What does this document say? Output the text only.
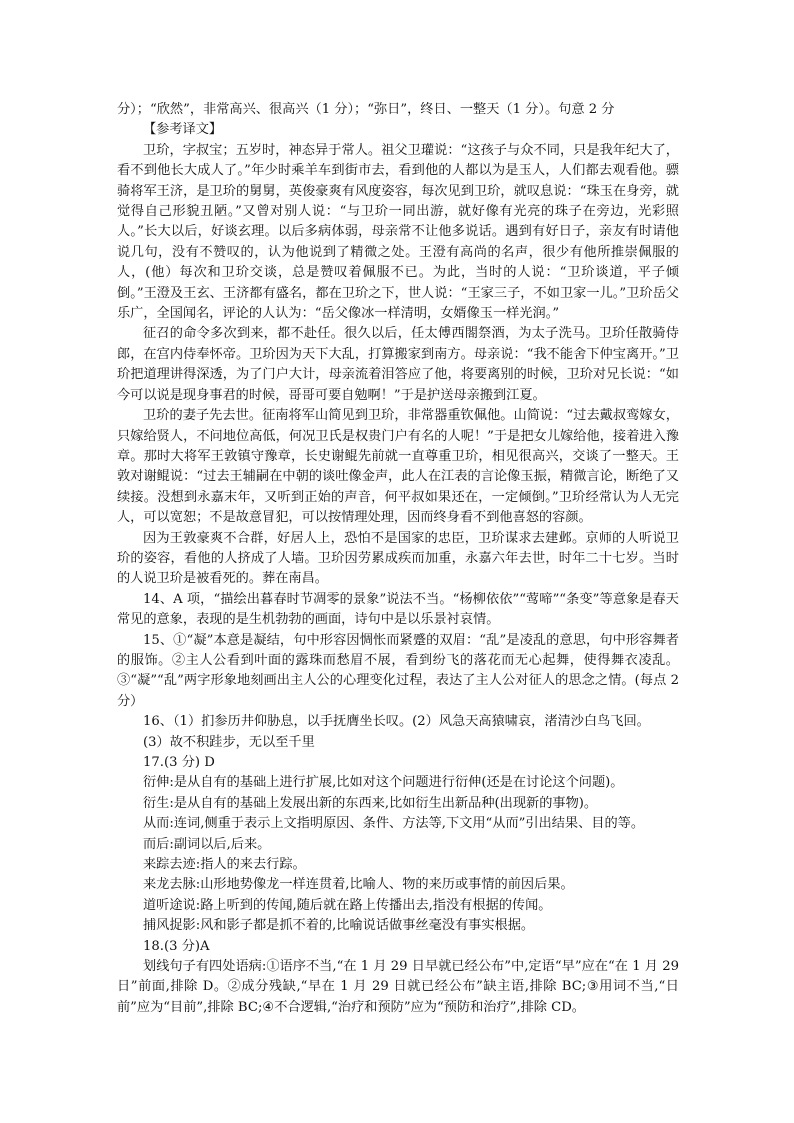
分）；“欣然”，非常高兴、很高兴（1 分）；“弥日”，终日、一整天（1 分）。句意 2 分

【参考译文】

卫玠，字叔宝；五岁时，神态异于常人。祖父卫瓘说：“这孩子与众不同，只是我年纪大了，看不到他长大成人了。”年少时乘羊车到街市去，看到他的人都以为是玉人，人们都去观看他。骠骑将军王济，是卫玠的舅舅，英俊豪爽有风度姿容，每次见到卫玠，就叹息说：“珠玉在身旁，就觉得自己形貌丑陋。”又曾对别人说：“与卫玠一同出游，就好像有光亮的珠子在旁边，光彩照人。”长大以后，好谈玄理。以后多病体弱，母亲常不让他多说话。遇到有好日子，亲友有时请他说几句，没有不赞叹的，认为他说到了精微之处。王澄有高尚的名声，很少有他所推崇佩服的人，(他）每次和卫玠交谈，总是赞叹着佩服不已。为此，当时的人说：“卫玠谈道，平子倾倒。”王澄及王玄、王济都有盛名，都在卫玠之下，世人说：“王家三子，不如卫家一儿。”卫玠岳父乐广，全国闻名，评论的人认为：“岳父像冰一样清明，女婿像玉一样光润。”

征召的命令多次到来，都不赴任。很久以后，任太傅西閤祭酒，为太子洗马。卫玠任散骑侍郎，在宫内侍奉怀帝。卫玠因为天下大乱，打算搬家到南方。母亲说：“我不能舍下仲宝离开。”卫玠把道理讲得深透，为了门户大计，母亲流着泪答应了他，将要离别的时候，卫玠对兄长说：“如今可以说是现身事君的时候，哥哥可要自勉啊！”于是护送母亲搬到江夏。

卫玠的妻子先去世。征南将军山简见到卫玠，非常器重钦佩他。山简说：“过去戴叔鸾嫁女，只嫁给贤人，不问地位高低，何况卫氏是权贵门户有名的人呢！”于是把女儿嫁给他，接着进入豫章。那时大将军王敦镇守豫章，长史谢鲲先前就一直尊重卫玠，相见很高兴，交谈了一整天。王敦对谢鲲说：“过去王辅嗣在中朝的谈吐像金声，此人在江表的言论像玉振，精微言论，断绝了又续接。没想到永嘉末年，又听到正始的声音，何平叔如果还在，一定倾倒。”卫玠经常认为人无完人，可以宽恕；不是故意冒犯，可以按情理处理，因而终身看不到他喜怒的容颜。

因为王敦豪爽不合群，好居人上，恐怕不是国家的忠臣，卫玠谋求去建邺。京师的人听说卫玠的姿容，看他的人挤成了人墙。卫玠因劳累成疾而加重，永嘉六年去世，时年二十七岁。当时的人说卫玠是被看死的。葬在南昌。

14、A 项，“描绘出暮春时节凋零的景象”说法不当。“杨柳依依”“莺啼”“条变”等意象是春天常见的意象，表现的是生机勃勃的画面，诗句中是以乐景衬哀情。

15、①“凝”本意是凝结，句中形容因惆怅而紧蹙的双眉：“乱”是凌乱的意思，句中形容舞者的服饰。②主人公看到叶面的露珠而愁眉不展，看到纷飞的落花而无心起舞，使得舞衣凌乱。③“凝”“乱”两字形象地刻画出主人公的心理变化过程，表达了主人公对征人的思念之情。(每点 2 分）

16、（1）扪参历井仰胁息，以手抚膺坐长叹。(2）风急天高猿啸哀，渚清沙白鸟飞回。

(3）故不积跬步，无以至千里

17.(3 分) D

衍伸:是从自有的基础上进行扩展,比如对这个问题进行衍伸(还是在讨论这个问题)。

衍生:是从自有的基础上发展出新的东西来,比如衍生出新品种(出现新的事物)。

从而:连词,侧重于表示上文指明原因、条件、方法等,下文用“从而”引出结果、目的等。

而后:副词以后,后来。

来踪去迹:指人的来去行踪。

来龙去脉:山形地势像龙一样连贯着,比喻人、物的来历或事情的前因后果。

道听途说:路上听到的传闻,随后就在路上传播出去,指没有根据的传闻。

捕风捉影:风和影子都是抓不着的,比喻说话做事丝毫没有事实根据。

18.(3 分)A

划线句子有四处语病:①语序不当,“在 1 月 29 日早就已经公布”中,定语“早”应在“在 1 月 29 日”前面,排除 D。②成分残缺,“早在 1 月 29 日就已经公布”缺主语,排除 BC;③用词不当,“日前”应为“目前”,排除 BC;④不合逻辑,“治疗和预防”应为“预防和治疗”,排除 CD。
